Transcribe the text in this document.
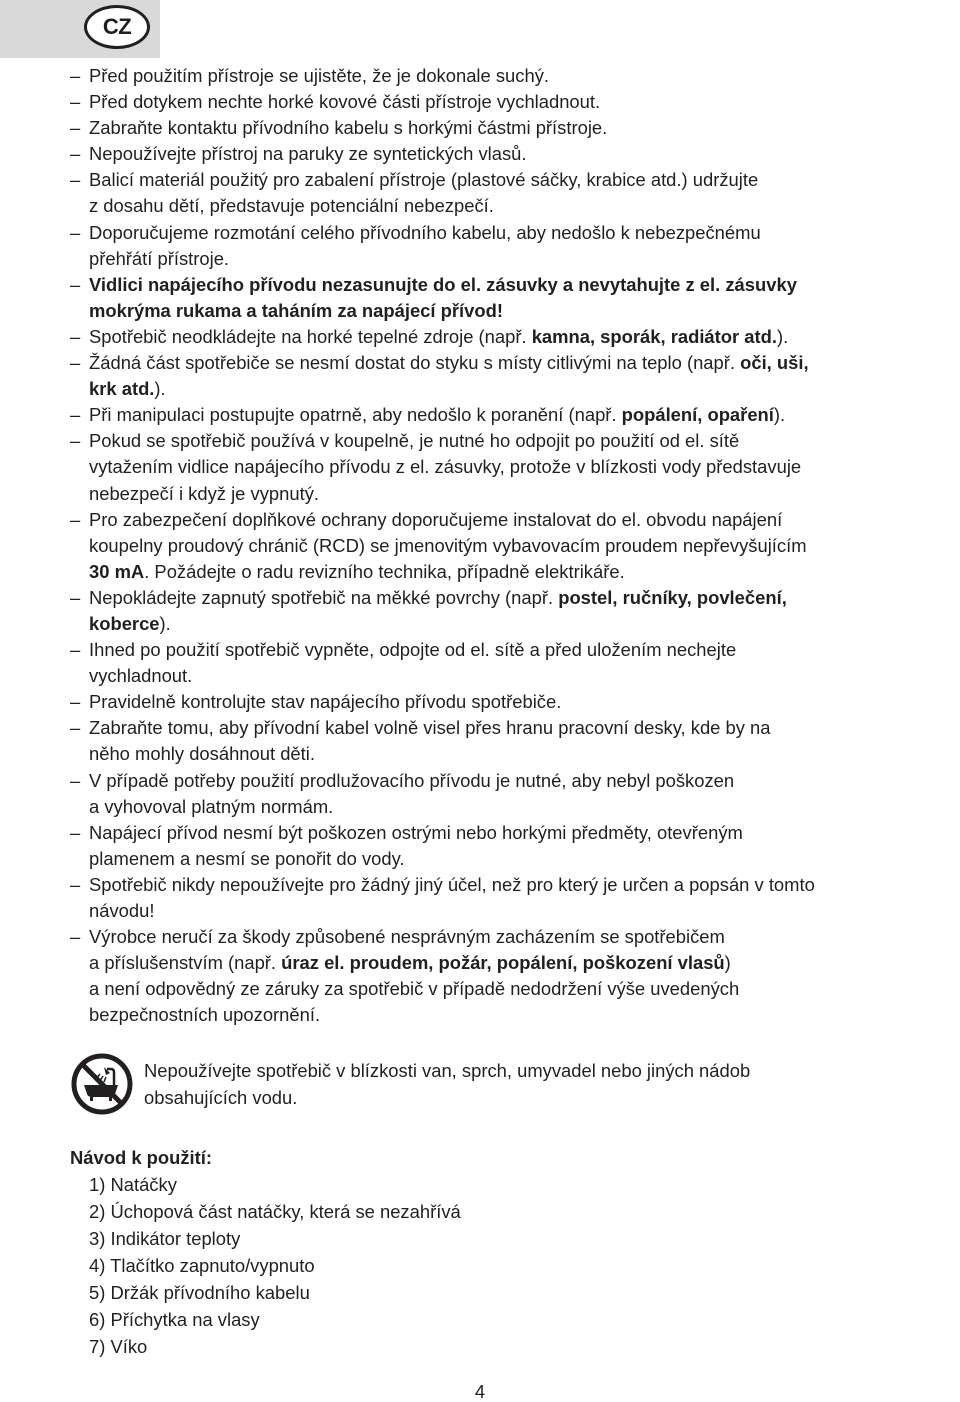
CZ
– Před použitím přístroje se ujistěte, že je dokonale suchý.
– Před dotykem nechte horké kovové části přístroje vychladnout.
– Zabraňte kontaktu přívodního kabelu s horkými částmi přístroje.
– Nepoužívejte přístroj na paruky ze syntetických vlasů.
– Balicí materiál použitý pro zabalení přístroje (plastové sáčky, krabice atd.) udržujte
z dosahu dětí, představuje potenciální nebezpečí.
– Doporučujeme rozmotání celého přívodního kabelu, aby nedošlo k nebezpečnému
přehřátí přístroje.
– Vidlici napájecího přívodu nezasunujte do el. zásuvky a nevytahujte z el. zásuvky
mokrýma rukama a taháním za napájecí přívod!
– Spotřebič neodkládejte na horké tepelné zdroje (např. kamna, sporák, radiátor atd.).
– Žádná část spotřebiče se nesmí dostat do styku s místy citlivými na teplo (např. oči, uši,
krk atd.).
– Při manipulaci postupujte opatrně, aby nedošlo k poranění (např. popálení, opaření).
– Pokud se spotřebič používá v koupelně, je nutné ho odpojit po použití od el. sítě
vytažením vidlice napájecího přívodu z el. zásuvky, protože v blízkosti vody představuje
nebezpečí i když je vypnutý.
– Pro zabezpečení doplňkové ochrany doporučujeme instalovat do el. obvodu napájení
koupelny proudový chránič (RCD) se jmenovitým vybavovacím proudem nepřevyšujícím
30 mA. Požádejte o radu revizního technika, případně elektrikáře.
– Nepokládejte zapnutý spotřebič na měkké povrchy (např. postel, ručníky, povlečení,
koberce).
– Ihned po použití spotřebič vypněte, odpojte od el. sítě a před uložením nechejte
vychladnout.
– Pravidelně kontrolujte stav napájecího přívodu spotřebiče.
– Zabraňte tomu, aby přívodní kabel volně visel přes hranu pracovní desky, kde by na
něho mohly dosáhnout děti.
– V případě potřeby použití prodlužovacího přívodu je nutné, aby nebyl poškozen
a vyhovoval platným normám.
– Napájecí přívod nesmí být poškozen ostrými nebo horkými předměty, otevřeným
plamenem a nesmí se ponořit do vody.
– Spotřebič nikdy nepoužívejte pro žádný jiný účel, než pro který je určen a popsán v tomto
návodu!
– Výrobce neručí za škody způsobené nesprávným zacházením se spotřebičem
a příslušenstvím (např. úraz el. proudem, požár, popálení, poškození vlasů)
a není odpovědný ze záruky za spotřebič v případě nedodržení výše uvedených
bezpečnostních upozornění.
Nepoužívejte spotřebič v blízkosti van, sprch, umyvadel nebo jiných nádob
obsahujících vodu.
Návod k použití:
1) Natáčky
2) Úchopová část natáčky, která se nezahřívá
3) Indikátor teploty
4) Tlačítko zapnuto/vypnuto
5) Držák přívodního kabelu
6) Příchytka na vlasy
7) Víko
4
